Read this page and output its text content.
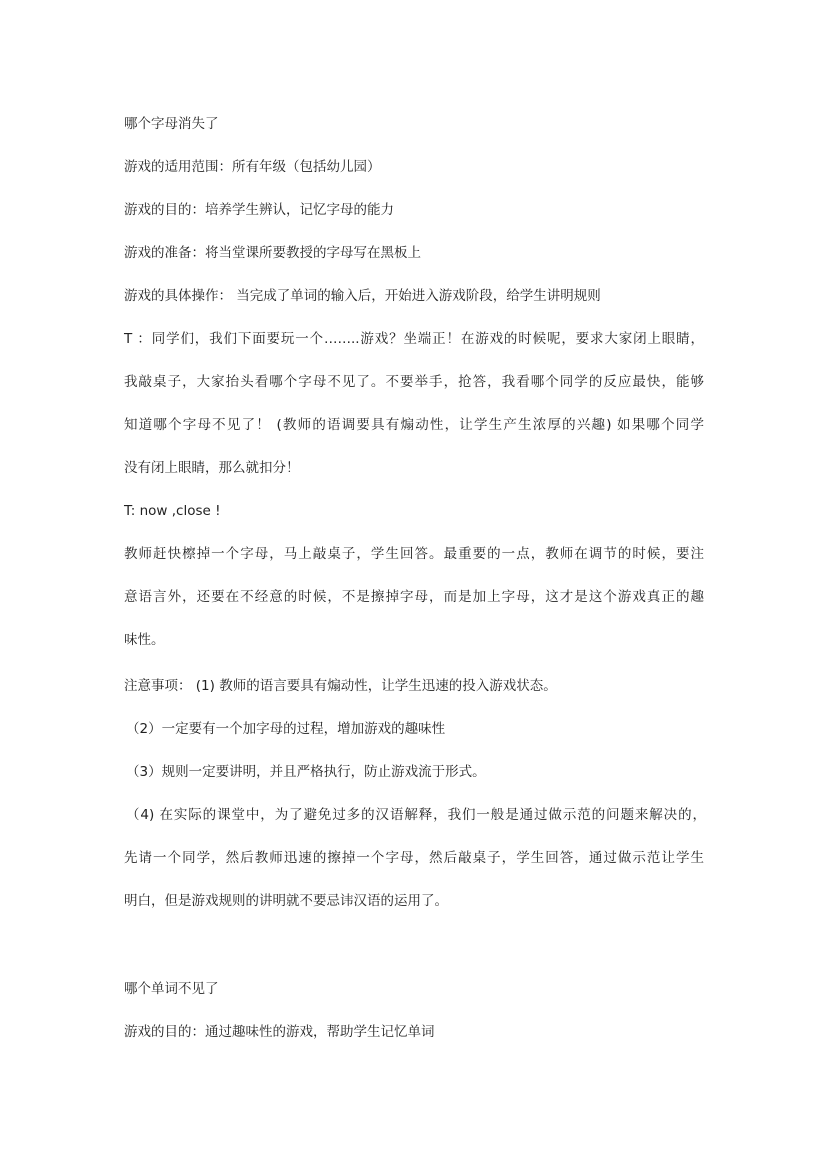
哪个字母消失了
游戏的适用范围：所有年级（包括幼儿园）
游戏的目的：培养学生辨认，记忆字母的能力
游戏的准备：将当堂课所要教授的字母写在黑板上
游戏的具体操作： 当完成了单词的输入后，开始进入游戏阶段，给学生讲明规则
T ：同学们，我们下面要玩一个……..游戏？坐端正！在游戏的时候呢，要求大家闭上眼睛，
我敲桌子，大家抬头看哪个字母不见了。不要举手，抢答，我看哪个同学的反应最快，能够
知道哪个字母不见了！ (教师的语调要具有煽动性，让学生产生浓厚的兴趣) 如果哪个同学
没有闭上眼睛，那么就扣分！
T: now ,close !
教师赶快檫掉一个字母，马上敲桌子，学生回答。最重要的一点，教师在调节的时候，要注
意语言外，还要在不经意的时候，不是擦掉字母，而是加上字母，这才是这个游戏真正的趣
味性。
注意事项： (1) 教师的语言要具有煽动性，让学生迅速的投入游戏状态。
（2）一定要有一个加字母的过程，增加游戏的趣味性
（3）规则一定要讲明，并且严格执行，防止游戏流于形式。
（4) 在实际的课堂中，为了避免过多的汉语解释，我们一般是通过做示范的问题来解决的，
先请一个同学，然后教师迅速的擦掉一个字母，然后敲桌子，学生回答，通过做示范让学生
明白，但是游戏规则的讲明就不要忌讳汉语的运用了。
哪个单词不见了
游戏的目的：通过趣味性的游戏，帮助学生记忆单词
